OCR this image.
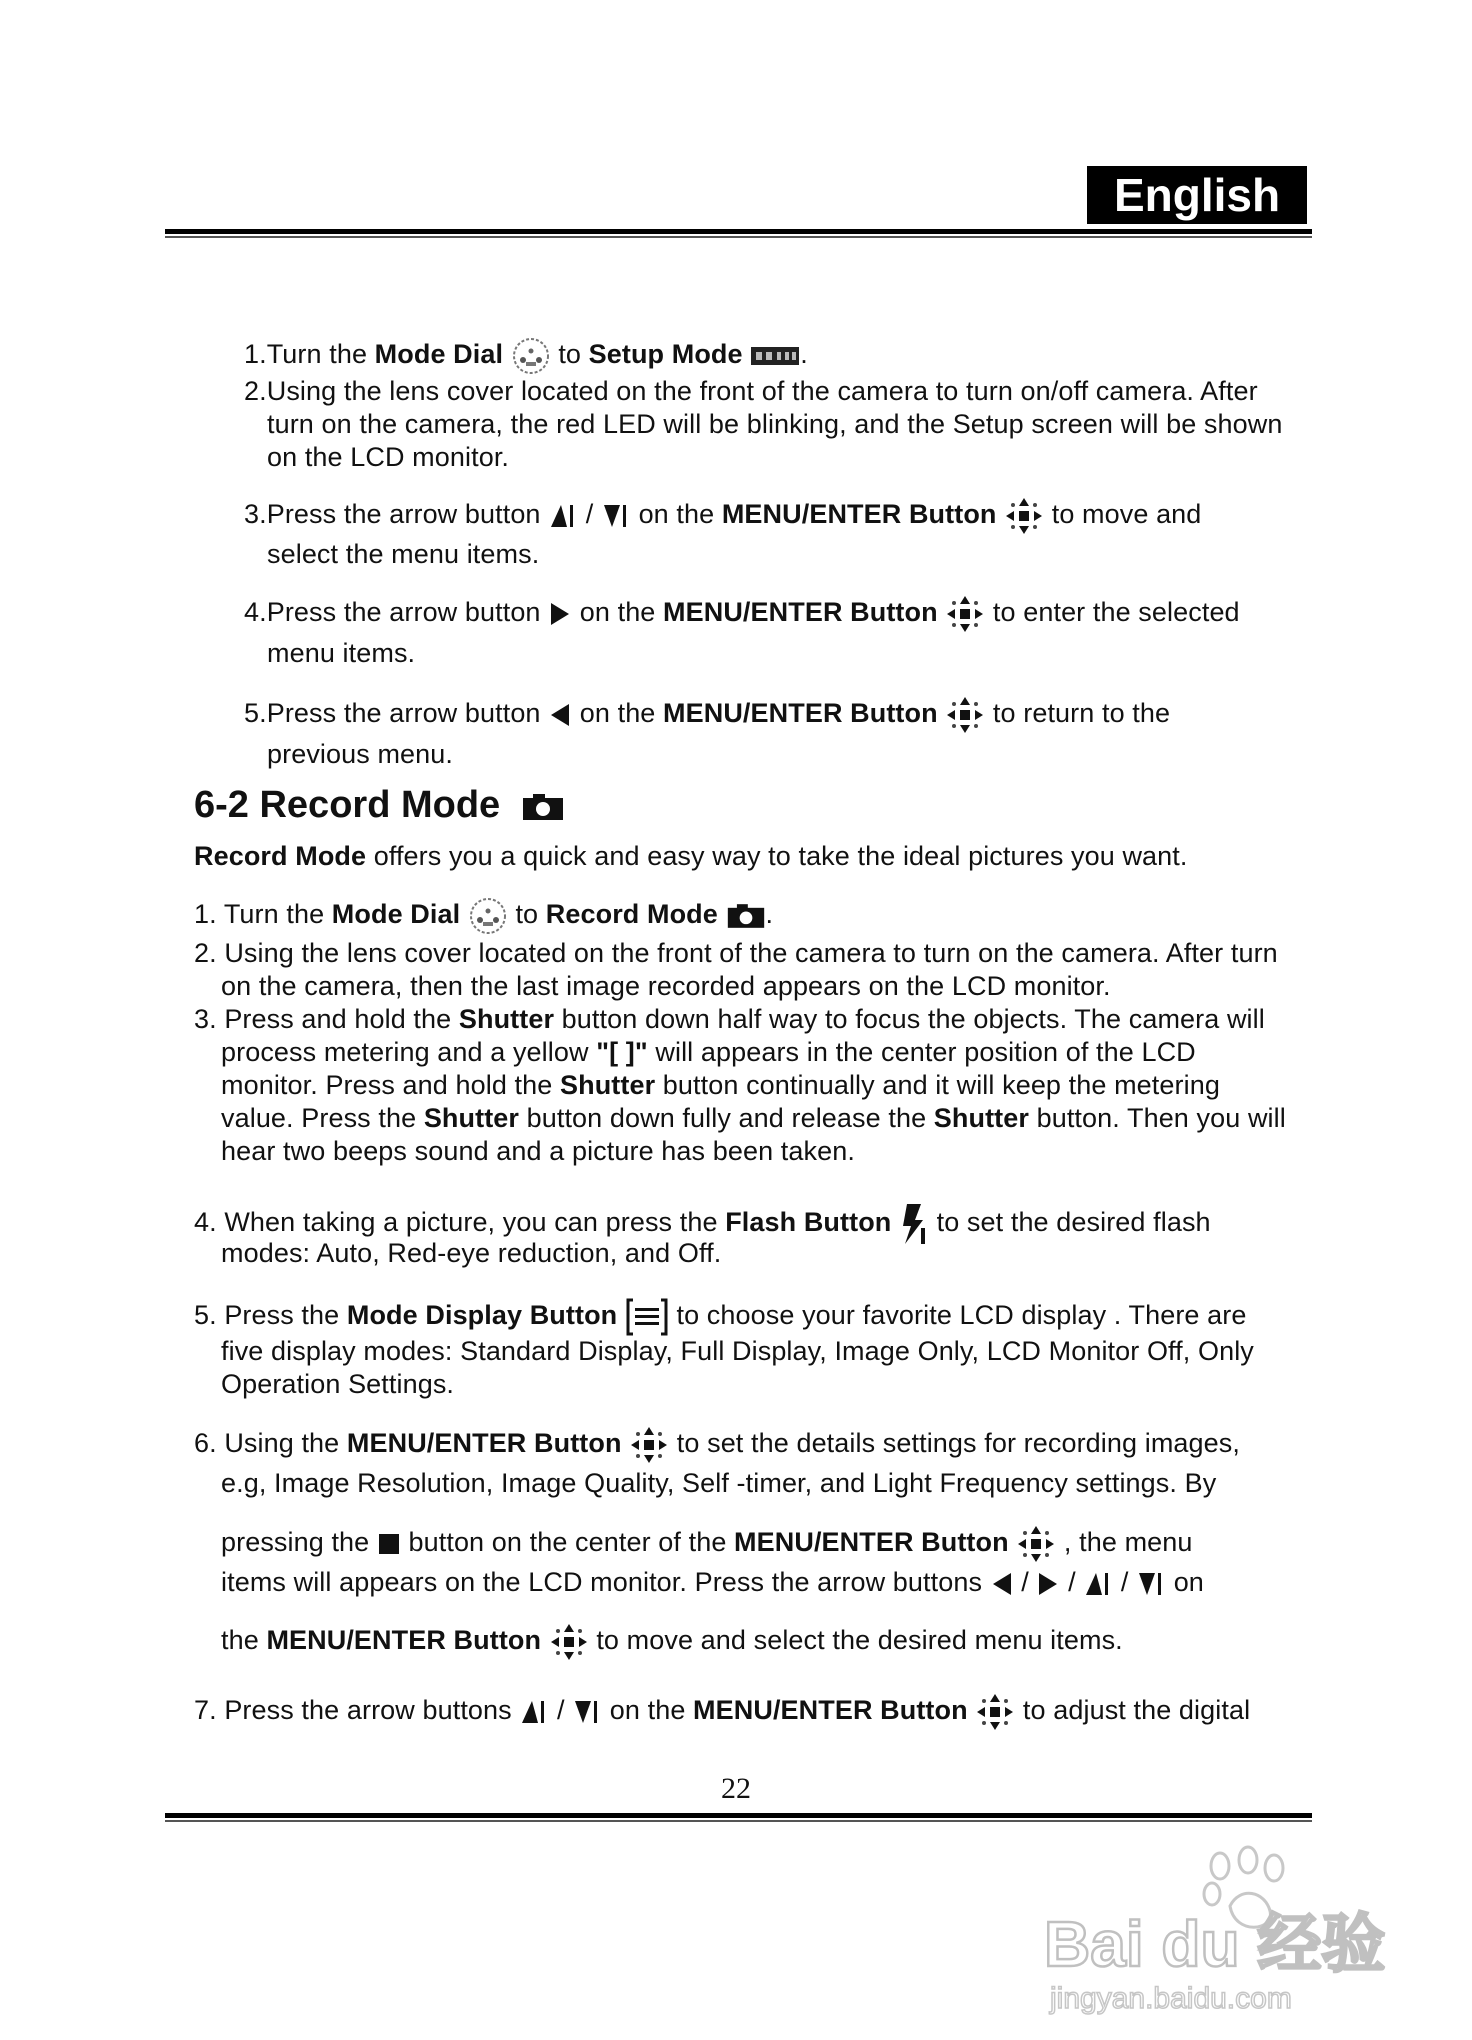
English
1.Turn the Mode Dial
to Setup Mode .
2.Using the lens cover located on the front of the camera to turn on/off camera. After
turn on the camera, the red LED will be blinking, and the Setup screen will be shown
on the LCD monitor.
3.Press the arrow button
/
on the MENU/ENTER Button
to move and
select the menu items.
4.Press the arrow button
on the MENU/ENTER Button
to enter the selected
menu items.
5.Press the arrow button
on the MENU/ENTER Button
to return to the
previous menu.
6-2 Record Mode
Record Mode offers you a quick and easy way to take the ideal pictures you want.
1. Turn the Mode Dial
to Record Mode .
2. Using the lens cover located on the front of the camera to turn on the camera. After turn
on the camera, then the last image recorded appears on the LCD monitor.
3. Press and hold the Shutter button down half way to focus the objects. The camera will
process metering and a yellow "[ ]" will appears in the center position of the LCD
monitor. Press and hold the Shutter button continually and it will keep the metering
value. Press the Shutter button down fully and release the Shutter button. Then you will
hear two beeps sound and a picture has been taken.
4. When taking a picture, you can press the Flash Button
to set the desired flash
modes: Auto, Red-eye reduction, and Off.
5. Press the Mode Display Button
to choose your favorite LCD display . There are
five display modes: Standard Display, Full Display, Image Only, LCD Monitor Off, Only
Operation Settings.
6. Using the MENU/ENTER Button
to set the details settings for recording images,
e.g, Image Resolution, Image Quality, Self -timer, and Light Frequency settings. By
pressing the
button on the center of the MENU/ENTER Button
, the menu
items will appears on the LCD monitor. Press the arrow buttons
/
/
/
on
the MENU/ENTER Button
to move and select the desired menu items.
7. Press the arrow buttons
/
on the MENU/ENTER Button
to adjust the digital
22
Bai du 经验
jingyan.baidu.com
